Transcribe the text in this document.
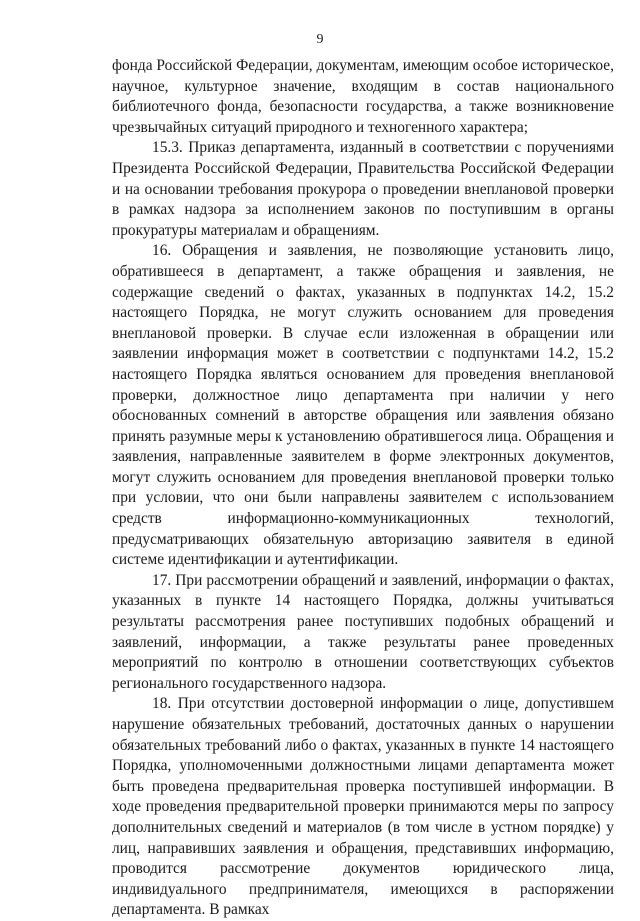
9

фонда Российской Федерации, документам, имеющим особое историческое, научное, культурное значение, входящим в состав национального библиотечного фонда, безопасности государства, а также возникновение чрезвычайных ситуаций природного и техногенного характера;

15.3. Приказ департамента, изданный в соответствии с поручениями Президента Российской Федерации, Правительства Российской Федерации и на основании требования прокурора о проведении внеплановой проверки в рамках надзора за исполнением законов по поступившим в органы прокуратуры материалам и обращениям.

16. Обращения и заявления, не позволяющие установить лицо, обратившееся в департамент, а также обращения и заявления, не содержащие сведений о фактах, указанных в подпунктах 14.2, 15.2 настоящего Порядка, не могут служить основанием для проведения внеплановой проверки. В случае если изложенная в обращении или заявлении информация может в соответствии с подпунктами 14.2, 15.2 настоящего Порядка являться основанием для проведения внеплановой проверки, должностное лицо департамента при наличии у него обоснованных сомнений в авторстве обращения или заявления обязано принять разумные меры к установлению обратившегося лица. Обращения и заявления, направленные заявителем в форме электронных документов, могут служить основанием для проведения внеплановой проверки только при условии, что они были направлены заявителем с использованием средств информационно-коммуникационных технологий, предусматривающих обязательную авторизацию заявителя в единой системе идентификации и аутентификации.

17. При рассмотрении обращений и заявлений, информации о фактах, указанных в пункте 14 настоящего Порядка, должны учитываться результаты рассмотрения ранее поступивших подобных обращений и заявлений, информации, а также результаты ранее проведенных мероприятий по контролю в отношении соответствующих субъектов регионального государственного надзора.

18. При отсутствии достоверной информации о лице, допустившем нарушение обязательных требований, достаточных данных о нарушении обязательных требований либо о фактах, указанных в пункте 14 настоящего Порядка, уполномоченными должностными лицами департамента может быть проведена предварительная проверка поступившей информации. В ходе проведения предварительной проверки принимаются меры по запросу дополнительных сведений и материалов (в том числе в устном порядке) у лиц, направивших заявления и обращения, представивших информацию, проводится рассмотрение документов юридического лица, индивидуального предпринимателя, имеющихся в распоряжении департамента. В рамках
